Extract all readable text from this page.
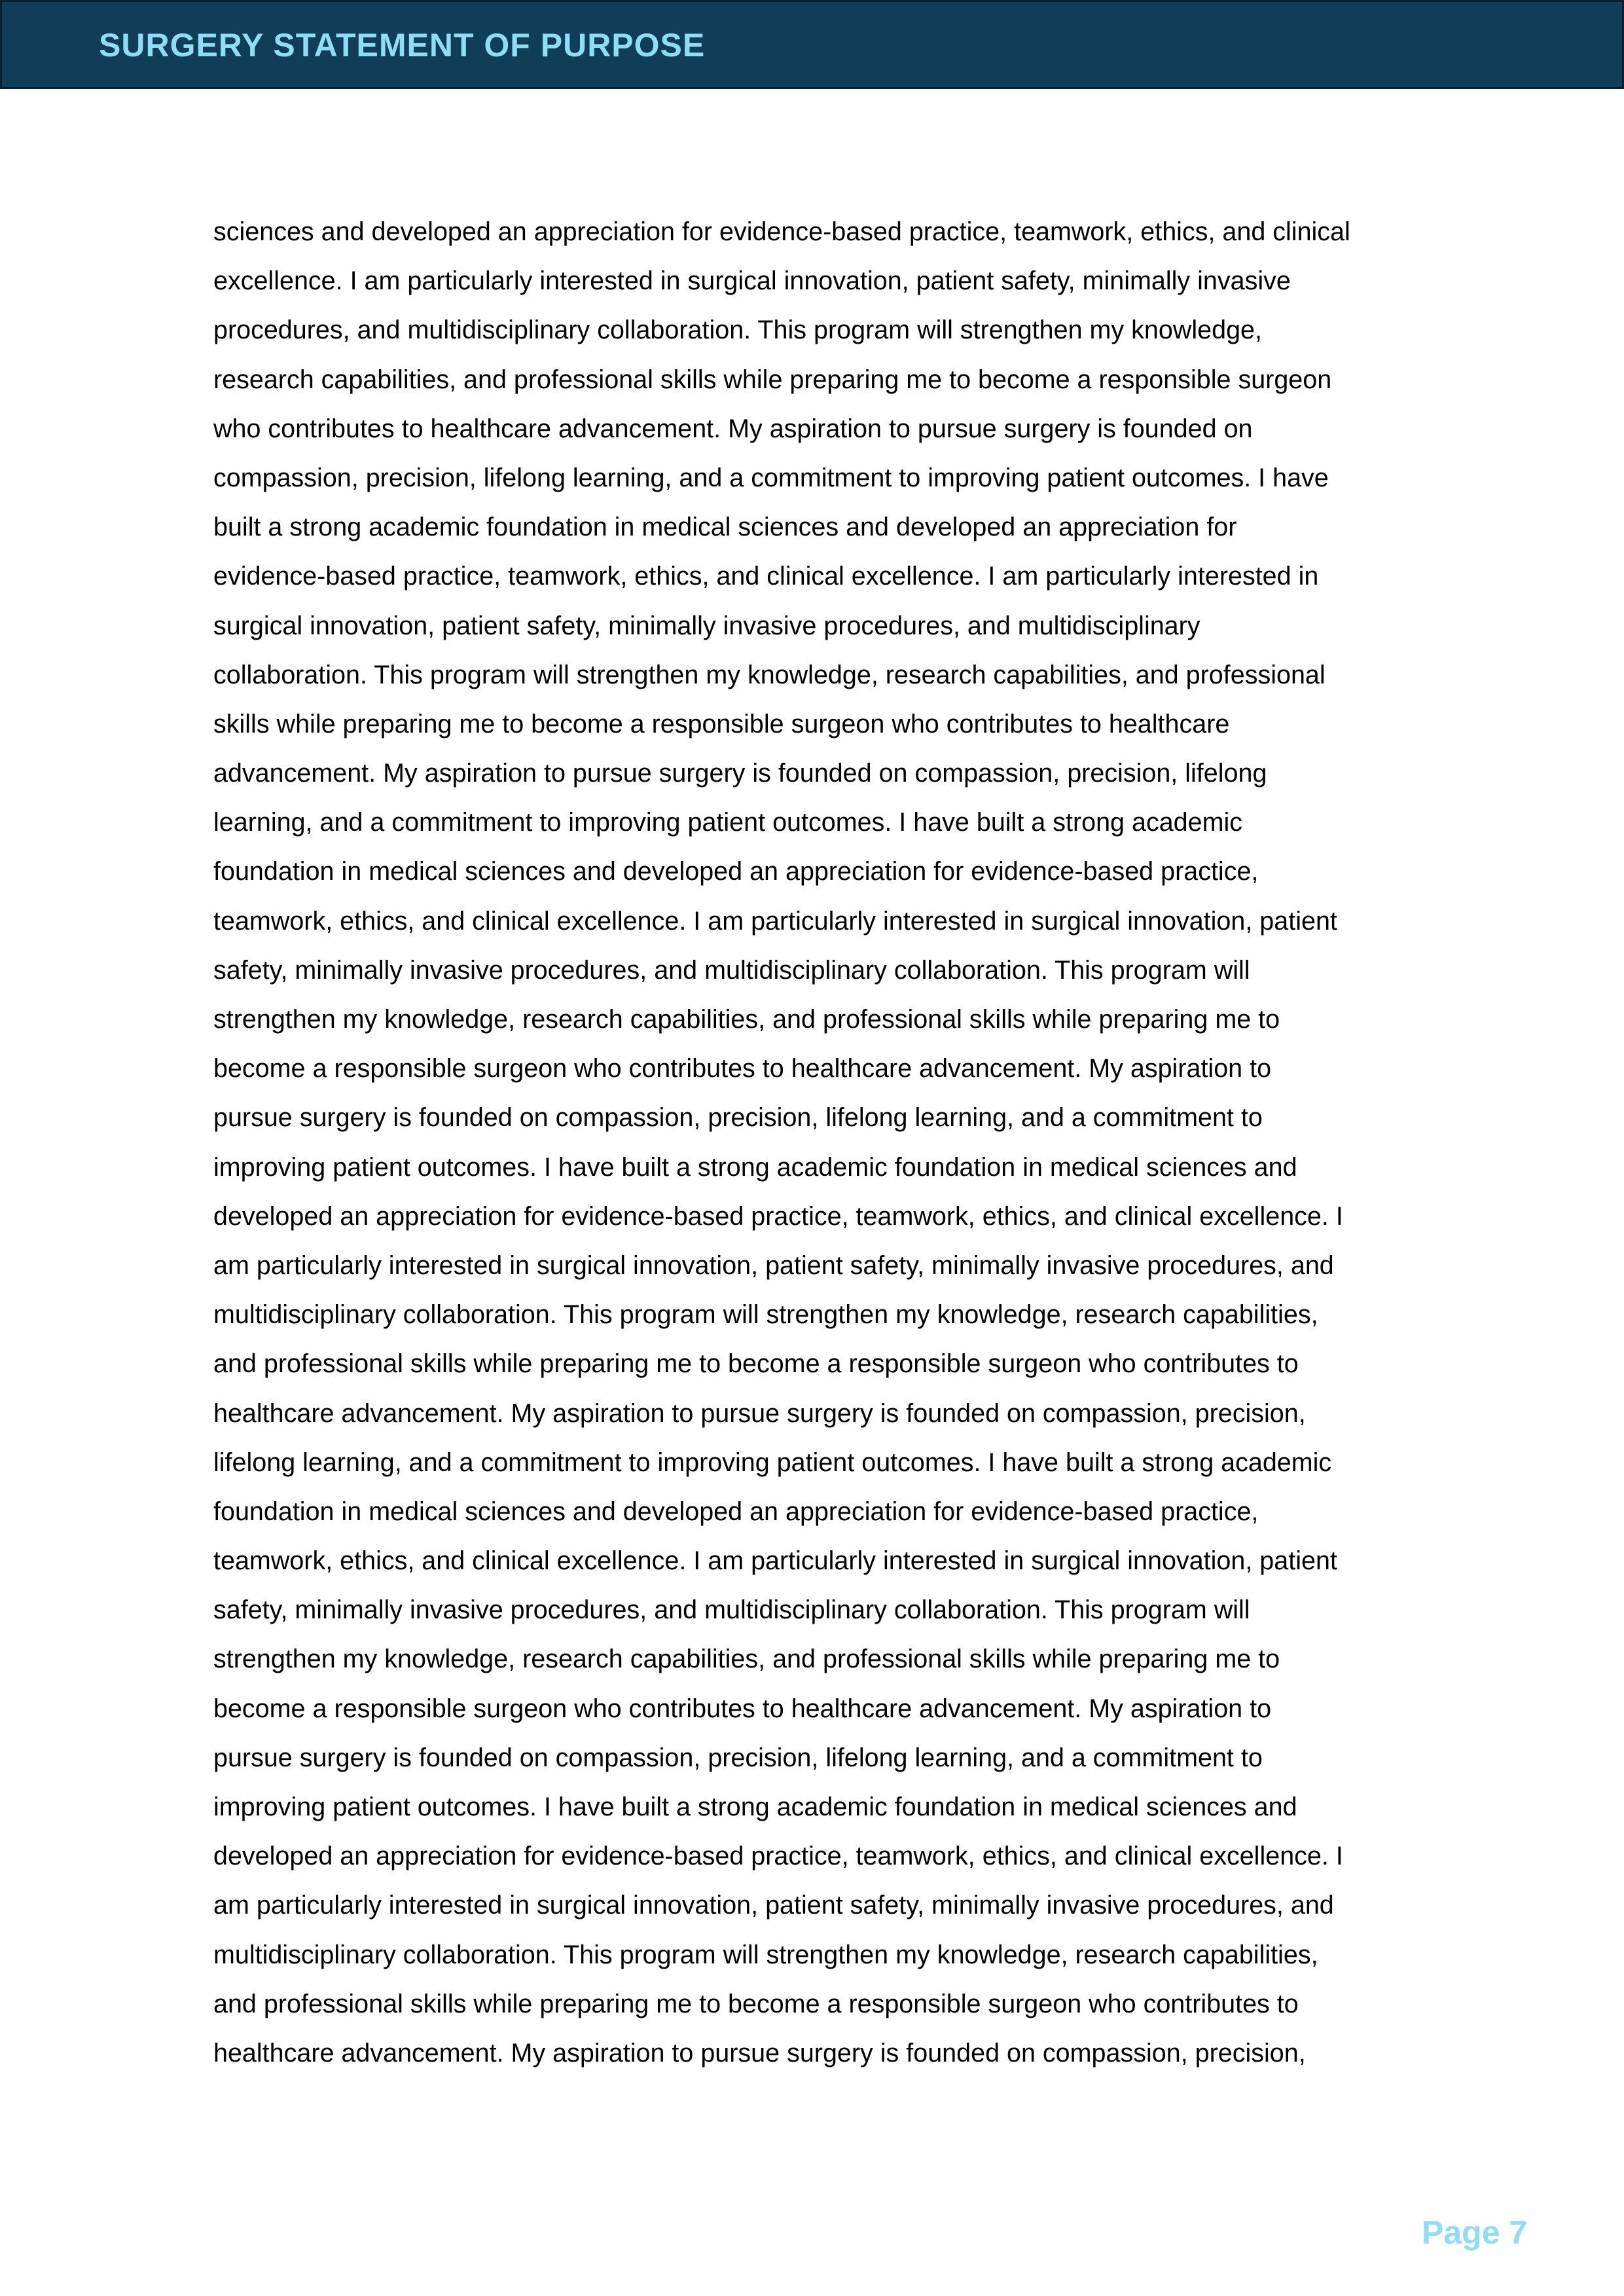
SURGERY STATEMENT OF PURPOSE
sciences and developed an appreciation for evidence-based practice, teamwork, ethics, and clinical
excellence. I am particularly interested in surgical innovation, patient safety, minimally invasive
procedures, and multidisciplinary collaboration. This program will strengthen my knowledge,
research capabilities, and professional skills while preparing me to become a responsible surgeon
who contributes to healthcare advancement. My aspiration to pursue surgery is founded on
compassion, precision, lifelong learning, and a commitment to improving patient outcomes. I have
built a strong academic foundation in medical sciences and developed an appreciation for
evidence-based practice, teamwork, ethics, and clinical excellence. I am particularly interested in
surgical innovation, patient safety, minimally invasive procedures, and multidisciplinary
collaboration. This program will strengthen my knowledge, research capabilities, and professional
skills while preparing me to become a responsible surgeon who contributes to healthcare
advancement. My aspiration to pursue surgery is founded on compassion, precision, lifelong
learning, and a commitment to improving patient outcomes. I have built a strong academic
foundation in medical sciences and developed an appreciation for evidence-based practice,
teamwork, ethics, and clinical excellence. I am particularly interested in surgical innovation, patient
safety, minimally invasive procedures, and multidisciplinary collaboration. This program will
strengthen my knowledge, research capabilities, and professional skills while preparing me to
become a responsible surgeon who contributes to healthcare advancement. My aspiration to
pursue surgery is founded on compassion, precision, lifelong learning, and a commitment to
improving patient outcomes. I have built a strong academic foundation in medical sciences and
developed an appreciation for evidence-based practice, teamwork, ethics, and clinical excellence. I
am particularly interested in surgical innovation, patient safety, minimally invasive procedures, and
multidisciplinary collaboration. This program will strengthen my knowledge, research capabilities,
and professional skills while preparing me to become a responsible surgeon who contributes to
healthcare advancement. My aspiration to pursue surgery is founded on compassion, precision,
lifelong learning, and a commitment to improving patient outcomes. I have built a strong academic
foundation in medical sciences and developed an appreciation for evidence-based practice,
teamwork, ethics, and clinical excellence. I am particularly interested in surgical innovation, patient
safety, minimally invasive procedures, and multidisciplinary collaboration. This program will
strengthen my knowledge, research capabilities, and professional skills while preparing me to
become a responsible surgeon who contributes to healthcare advancement. My aspiration to
pursue surgery is founded on compassion, precision, lifelong learning, and a commitment to
improving patient outcomes. I have built a strong academic foundation in medical sciences and
developed an appreciation for evidence-based practice, teamwork, ethics, and clinical excellence. I
am particularly interested in surgical innovation, patient safety, minimally invasive procedures, and
multidisciplinary collaboration. This program will strengthen my knowledge, research capabilities,
and professional skills while preparing me to become a responsible surgeon who contributes to
healthcare advancement. My aspiration to pursue surgery is founded on compassion, precision,
Page 7
